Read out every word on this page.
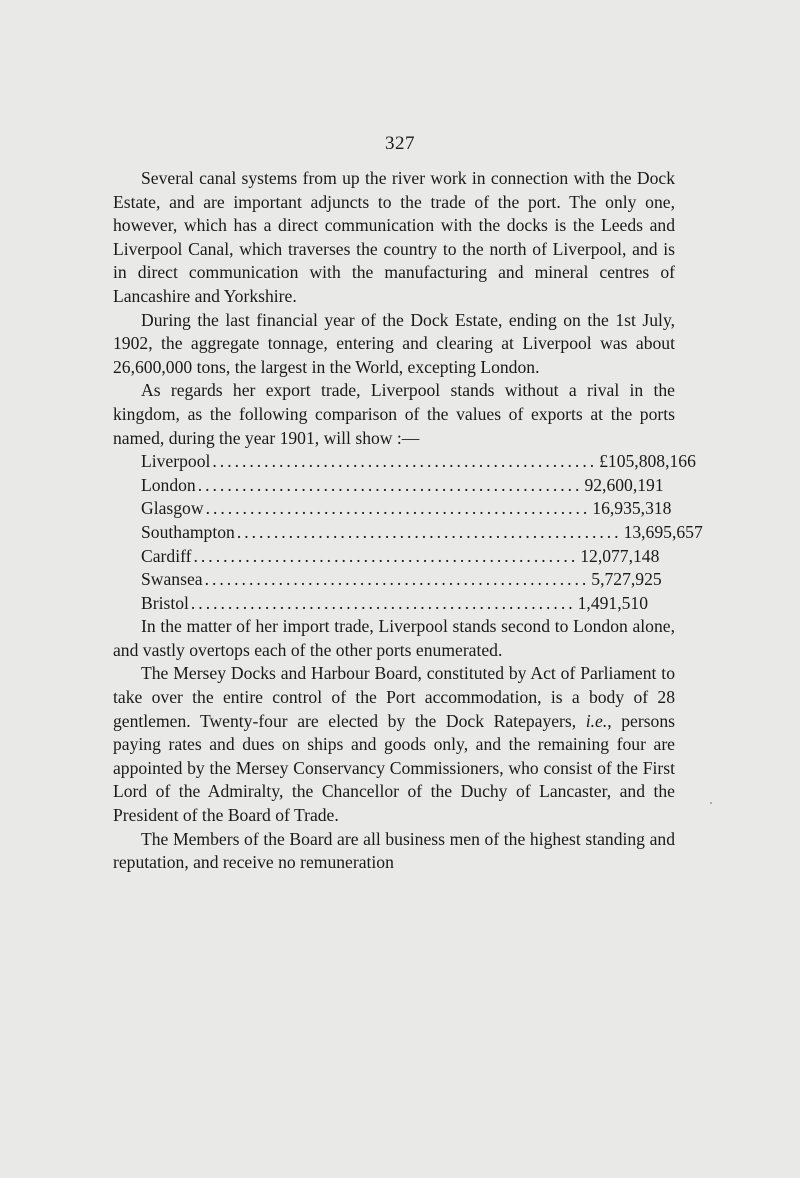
327

Several canal systems from up the river work in connection with the Dock Estate, and are important adjuncts to the trade of the port. The only one, however, which has a direct communication with the docks is the Leeds and Liverpool Canal, which traverses the country to the north of Liverpool, and is in direct communication with the manufacturing and mineral centres of Lancashire and Yorkshire.

During the last financial year of the Dock Estate, ending on the 1st July, 1902, the aggregate tonnage, entering and clearing at Liverpool was about 26,600,000 tons, the largest in the World, excepting London.

As regards her export trade, Liverpool stands without a rival in the kingdom, as the following comparison of the values of exports at the ports named, during the year 1901, will show :—

Liverpool .................................................... £105,808,166
London .................................................... 92,600,191
Glasgow .................................................... 16,935,318
Southampton .................................................... 13,695,657
Cardiff .................................................... 12,077,148
Swansea .................................................... 5,727,925
Bristol .................................................... 1,491,510

In the matter of her import trade, Liverpool stands second to London alone, and vastly overtops each of the other ports enumerated.

The Mersey Docks and Harbour Board, constituted by Act of Parliament to take over the entire control of the Port accommodation, is a body of 28 gentlemen. Twenty-four are elected by the Dock Ratepayers, i.e., persons paying rates and dues on ships and goods only, and the remaining four are appointed by the Mersey Conservancy Commissioners, who consist of the First Lord of the Admiralty, the Chancellor of the Duchy of Lancaster, and the President of the Board of Trade.

The Members of the Board are all business men of the highest standing and reputation, and receive no remuneration
